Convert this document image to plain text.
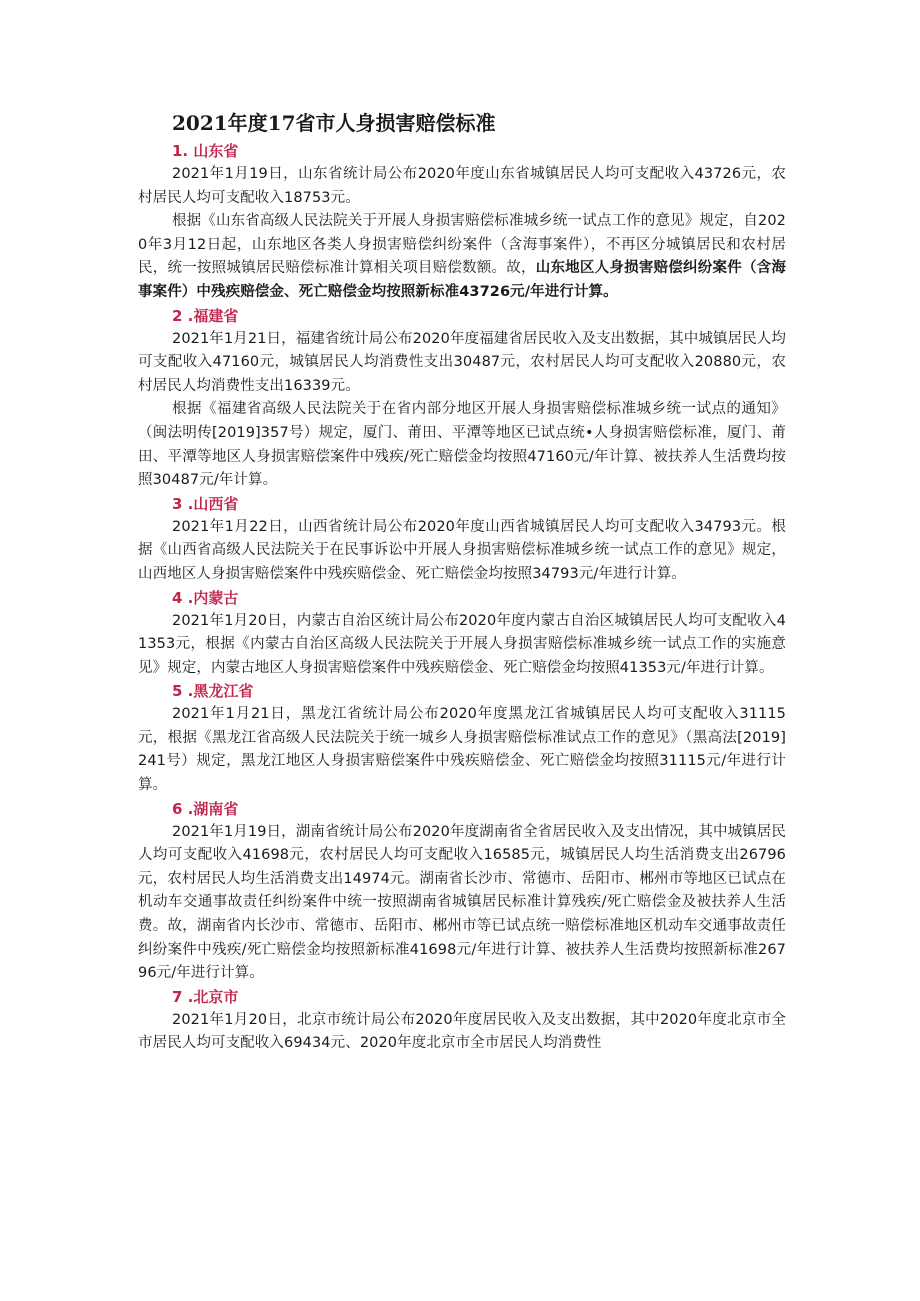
2021年度17省市人身损害赔偿标准
1. 山东省

2021年1月19日，山东省统计局公布2020年度山东省城镇居民人均可支配收入43726元，农村居民人均可支配收入18753元。

根据《山东省高级人民法院关于开展人身损害赔偿标准城乡统一试点工作的意见》规定，自2020年3月12日起，山东地区各类人身损害赔偿纠纷案件（含海事案件），不再区分城镇居民和农村居民，统一按照城镇居民赔偿标准计算相关项目赔偿数额。故，山东地区人身损害赔偿纠纷案件（含海事案件）中残疾赔偿金、死亡赔偿金均按照新标准43726元/年进行计算。

2 .福建省

2021年1月21日，福建省统计局公布2020年度福建省居民收入及支出数据，其中城镇居民人均可支配收入47160元，城镇居民人均消费性支出30487元，农村居民人均可支配收入20880元，农村居民人均消费性支出16339元。

根据《福建省高级人民法院关于在省内部分地区开展人身损害赔偿标准城乡统一试点的通知》（闽法明传[2019]357号）规定，厦门、莆田、平潭等地区已试点统•人身损害赔偿标准，厦门、莆田、平潭等地区人身损害赔偿案件中残疾/死亡赔偿金均按照47160元/年计算、被扶养人生活费均按照30487元/年计算。

3 .山西省

2021年1月22日，山西省统计局公布2020年度山西省城镇居民人均可支配收入34793元。根据《山西省高级人民法院关于在民事诉讼中开展人身损害赔偿标准城乡统一试点工作的意见》规定，山西地区人身损害赔偿案件中残疾赔偿金、死亡赔偿金均按照34793元/年进行计算。

4 .内蒙古

2021年1月20日，内蒙古自治区统计局公布2020年度内蒙古自治区城镇居民人均可支配收入41353元，根据《内蒙古自治区高级人民法院关于开展人身损害赔偿标准城乡统一试点工作的实施意见》规定，内蒙古地区人身损害赔偿案件中残疾赔偿金、死亡赔偿金均按照41353元/年进行计算。

5 .黑龙江省

2021年1月21日，黑龙江省统计局公布2020年度黑龙江省城镇居民人均可支配收入31115元，根据《黑龙江省高级人民法院关于统一城乡人身损害赔偿标准试点工作的意见》（黑高法[2019]241号）规定，黑龙江地区人身损害赔偿案件中残疾赔偿金、死亡赔偿金均按照31115元/年进行计算。

6 .湖南省

2021年1月19日，湖南省统计局公布2020年度湖南省全省居民收入及支出情况，其中城镇居民人均可支配收入41698元，农村居民人均可支配收入16585元，城镇居民人均生活消费支出26796元，农村居民人均生活消费支出14974元。湖南省长沙市、常德市、岳阳市、郴州市等地区已试点在机动车交通事故责任纠纷案件中统一按照湖南省城镇居民标准计算残疾/死亡赔偿金及被扶养人生活费。故，湖南省内长沙市、常德市、岳阳市、郴州市等已试点统一赔偿标准地区机动车交通事故责任纠纷案件中残疾/死亡赔偿金均按照新标准41698元/年进行计算、被扶养人生活费均按照新标准26796元/年进行计算。

7 .北京市

2021年1月20日，北京市统计局公布2020年度居民收入及支出数据，其中2020年度北京市全市居民人均可支配收入69434元、2020年度北京市全市居民人均消费性
